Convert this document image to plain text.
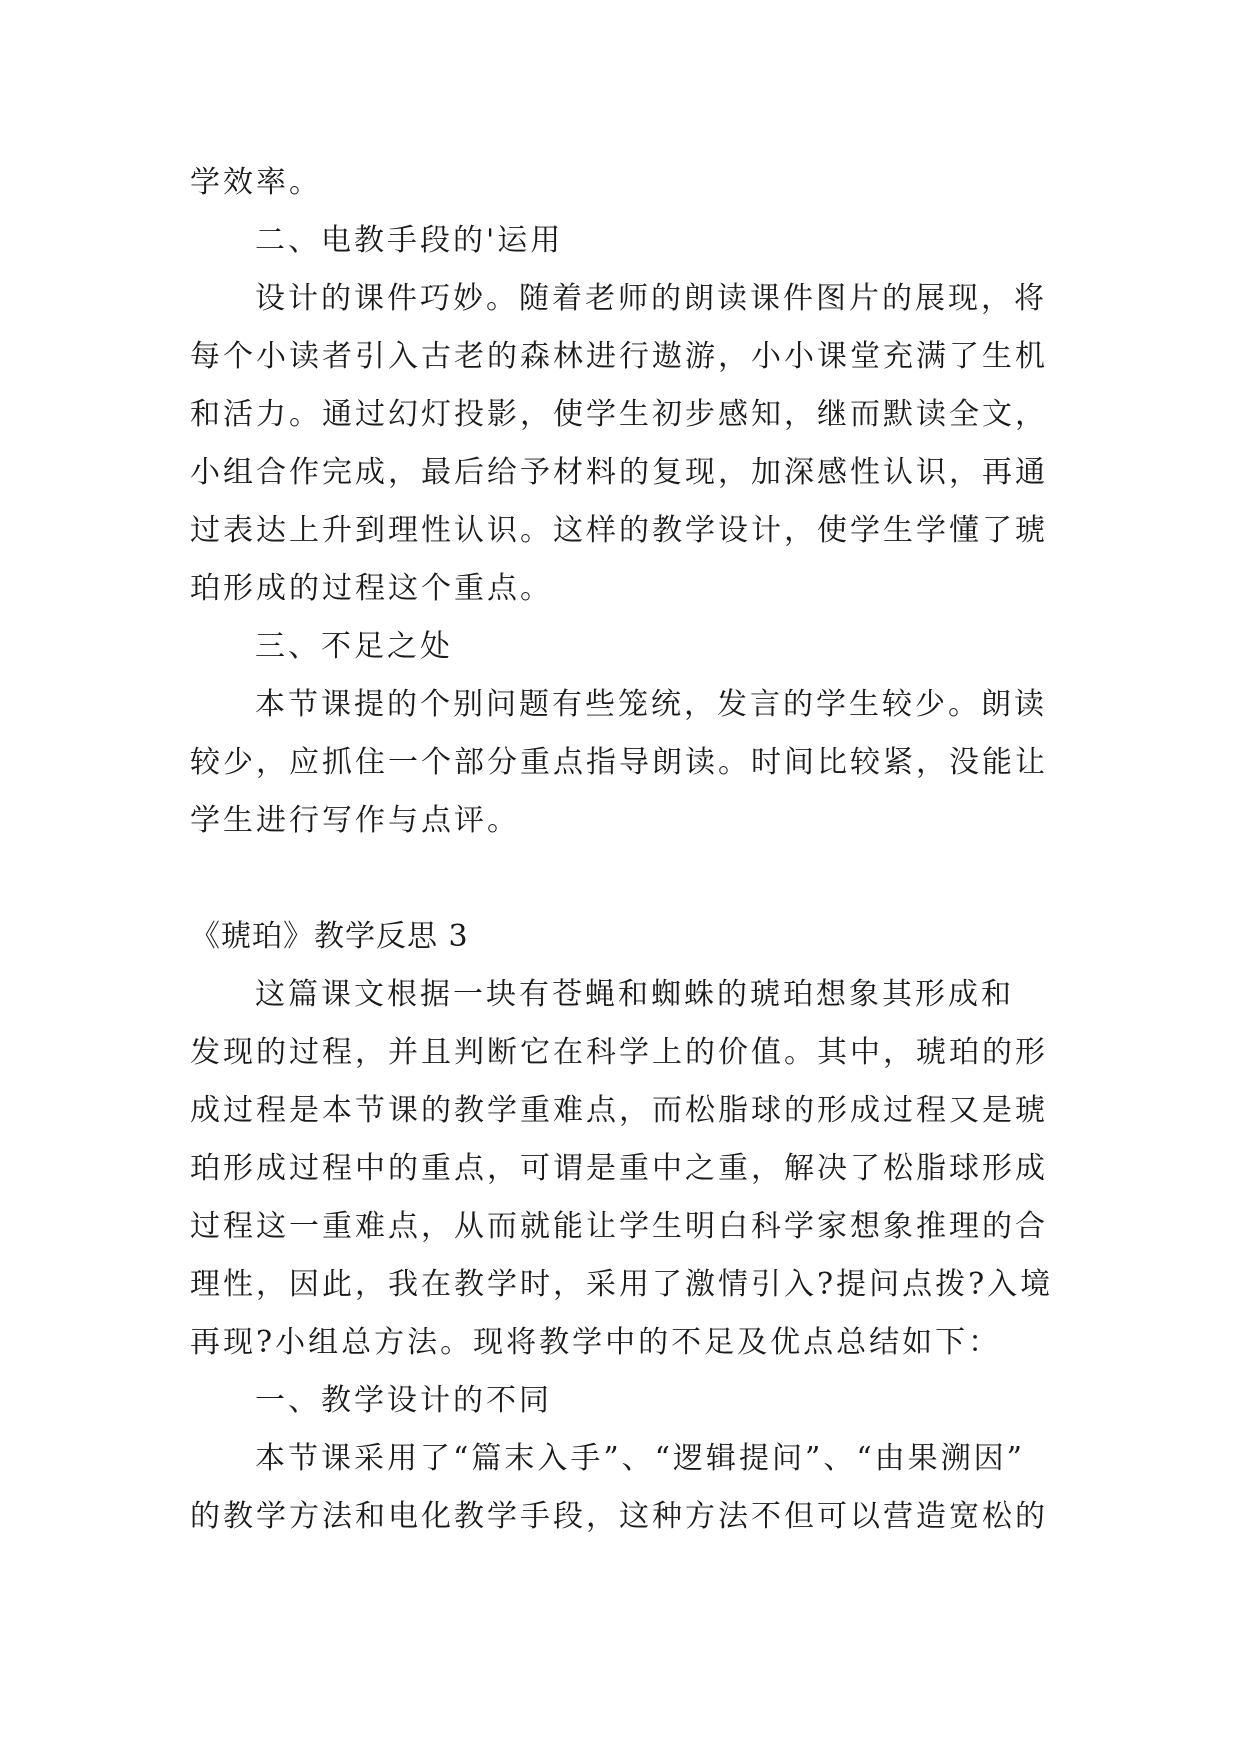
学效率。
二、电教手段的'运用
设计的课件巧妙。随着老师的朗读课件图片的展现，将
每个小读者引入古老的森林进行遨游，小小课堂充满了生机
和活力。通过幻灯投影，使学生初步感知，继而默读全文，
小组合作完成，最后给予材料的复现，加深感性认识，再通
过表达上升到理性认识。这样的教学设计，使学生学懂了琥
珀形成的过程这个重点。
三、不足之处
本节课提的个别问题有些笼统，发言的学生较少。朗读
较少，应抓住一个部分重点指导朗读。时间比较紧，没能让
学生进行写作与点评。
《琥珀》教学反思 3
这篇课文根据一块有苍蝇和蜘蛛的琥珀想象其形成和
发现的过程，并且判断它在科学上的价值。其中，琥珀的形
成过程是本节课的教学重难点，而松脂球的形成过程又是琥
珀形成过程中的重点，可谓是重中之重，解决了松脂球形成
过程这一重难点，从而就能让学生明白科学家想象推理的合
理性，因此，我在教学时，采用了激情引入?提问点拨?入境
再现?小组总方法。现将教学中的不足及优点总结如下：
一、教学设计的不同
本节课采用了“篇末入手”、“逻辑提问”、“由果溯因”
的教学方法和电化教学手段，这种方法不但可以营造宽松的
